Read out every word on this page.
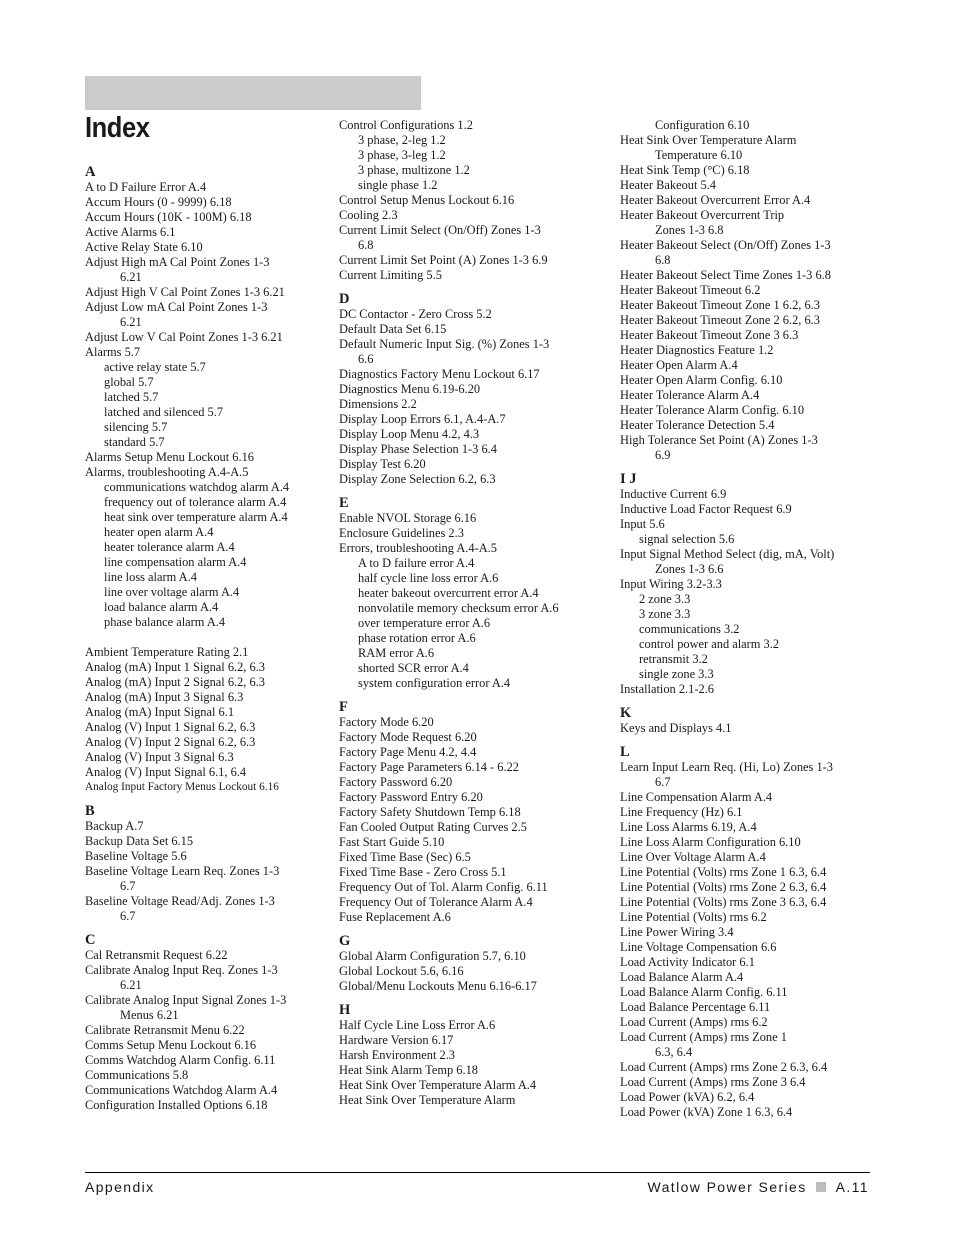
Index
A
A to D Failure Error A.4
Accum Hours (0 - 9999) 6.18
Accum Hours (10K - 100M) 6.18
Active Alarms 6.1
Active Relay State 6.10
Adjust High mA Cal Point Zones 1-3
6.21
Adjust High V Cal Point Zones 1-3 6.21
Adjust Low mA Cal Point Zones 1-3
6.21
Adjust Low V Cal Point Zones 1-3 6.21
Alarms 5.7
active relay state 5.7
global 5.7
latched 5.7
latched and silenced 5.7
silencing 5.7
standard 5.7
Alarms Setup Menu Lockout 6.16
Alarms, troubleshooting A.4-A.5
communications watchdog alarm A.4
frequency out of tolerance alarm A.4
heat sink over temperature alarm A.4
heater open alarm A.4
heater tolerance alarm A.4
line compensation alarm A.4
line loss alarm A.4
line over voltage alarm A.4
load balance alarm A.4
phase balance alarm A.4
Ambient Temperature Rating 2.1
Analog (mA) Input 1 Signal 6.2, 6.3
Analog (mA) Input 2 Signal 6.2, 6.3
Analog (mA) Input 3 Signal 6.3
Analog (mA) Input Signal 6.1
Analog (V) Input 1 Signal 6.2, 6.3
Analog (V) Input 2 Signal 6.2, 6.3
Analog (V) Input 3 Signal 6.3
Analog (V) Input Signal 6.1, 6.4
Analog Input Factory Menus Lockout 6.16
B
Backup A.7
Backup Data Set 6.15
Baseline Voltage 5.6
Baseline Voltage Learn Req. Zones 1-3
6.7
Baseline Voltage Read/Adj. Zones 1-3
6.7
C
Cal Retransmit Request 6.22
Calibrate Analog Input Req. Zones 1-3
6.21
Calibrate Analog Input Signal Zones 1-3
Menus 6.21
Calibrate Retransmit Menu 6.22
Comms Setup Menu Lockout 6.16
Comms Watchdog Alarm Config. 6.11
Communications 5.8
Communications Watchdog Alarm A.4
Configuration Installed Options 6.18
Control Configurations 1.2
3 phase, 2-leg 1.2
3 phase, 3-leg 1.2
3 phase, multizone 1.2
single phase 1.2
Control Setup Menus Lockout 6.16
Cooling 2.3
Current Limit Select (On/Off) Zones 1-3
6.8
Current Limit Set Point (A) Zones 1-3 6.9
Current Limiting 5.5
D
DC Contactor - Zero Cross 5.2
Default Data Set 6.15
Default Numeric Input Sig. (%) Zones 1-3
6.6
Diagnostics Factory Menu Lockout 6.17
Diagnostics Menu 6.19-6.20
Dimensions 2.2
Display Loop Errors 6.1, A.4-A.7
Display Loop Menu 4.2, 4.3
Display Phase Selection 1-3 6.4
Display Test 6.20
Display Zone Selection 6.2, 6.3
E
Enable NVOL Storage 6.16
Enclosure Guidelines 2.3
Errors, troubleshooting A.4-A.5
A to D failure error A.4
half cycle line loss error A.6
heater bakeout overcurrent error A.4
nonvolatile memory checksum error A.6
over temperature error A.6
phase rotation error A.6
RAM error A.6
shorted SCR error A.4
system configuration error A.4
F
Factory Mode 6.20
Factory Mode Request 6.20
Factory Page Menu 4.2, 4.4
Factory Page Parameters 6.14 - 6.22
Factory Password 6.20
Factory Password Entry 6.20
Factory Safety Shutdown Temp 6.18
Fan Cooled Output Rating Curves 2.5
Fast Start Guide 5.10
Fixed Time Base (Sec) 6.5
Fixed Time Base - Zero Cross 5.1
Frequency Out of Tol. Alarm Config. 6.11
Frequency Out of Tolerance Alarm A.4
Fuse Replacement A.6
G
Global Alarm Configuration 5.7, 6.10
Global Lockout 5.6, 6.16
Global/Menu Lockouts Menu 6.16-6.17
H
Half Cycle Line Loss Error A.6
Hardware Version 6.17
Harsh Environment 2.3
Heat Sink Alarm Temp 6.18
Heat Sink Over Temperature Alarm A.4
Heat Sink Over Temperature Alarm
Configuration 6.10
Heat Sink Over Temperature Alarm
Temperature 6.10
Heat Sink Temp (°C) 6.18
Heater Bakeout 5.4
Heater Bakeout Overcurrent Error A.4
Heater Bakeout Overcurrent Trip
Zones 1-3 6.8
Heater Bakeout Select (On/Off) Zones 1-3
6.8
Heater Bakeout Select Time Zones 1-3 6.8
Heater Bakeout Timeout 6.2
Heater Bakeout Timeout Zone 1 6.2, 6.3
Heater Bakeout Timeout Zone 2 6.2, 6.3
Heater Bakeout Timeout Zone 3 6.3
Heater Diagnostics Feature 1.2
Heater Open Alarm A.4
Heater Open Alarm Config. 6.10
Heater Tolerance Alarm A.4
Heater Tolerance Alarm Config. 6.10
Heater Tolerance Detection 5.4
High Tolerance Set Point (A) Zones 1-3
6.9
I J
Inductive Current 6.9
Inductive Load Factor Request 6.9
Input 5.6
signal selection 5.6
Input Signal Method Select (dig, mA, Volt)
Zones 1-3 6.6
Input Wiring 3.2-3.3
2 zone 3.3
3 zone 3.3
communications 3.2
control power and alarm 3.2
retransmit 3.2
single zone 3.3
Installation 2.1-2.6
K
Keys and Displays 4.1
L
Learn Input Learn Req. (Hi, Lo) Zones 1-3
6.7
Line Compensation Alarm A.4
Line Frequency (Hz) 6.1
Line Loss Alarms 6.19, A.4
Line Loss Alarm Configuration 6.10
Line Over Voltage Alarm A.4
Line Potential (Volts) rms Zone 1 6.3, 6.4
Line Potential (Volts) rms Zone 2 6.3, 6.4
Line Potential (Volts) rms Zone 3 6.3, 6.4
Line Potential (Volts) rms 6.2
Line Power Wiring 3.4
Line Voltage Compensation 6.6
Load Activity Indicator 6.1
Load Balance Alarm A.4
Load Balance Alarm Config. 6.11
Load Balance Percentage 6.11
Load Current (Amps) rms 6.2
Load Current (Amps) rms Zone 1
6.3, 6.4
Load Current (Amps) rms Zone 2 6.3, 6.4
Load Current (Amps) rms Zone 3 6.4
Load Power (kVA) 6.2, 6.4
Load Power (kVA) Zone 1 6.3, 6.4
Appendix	Watlow Power Series A.11
